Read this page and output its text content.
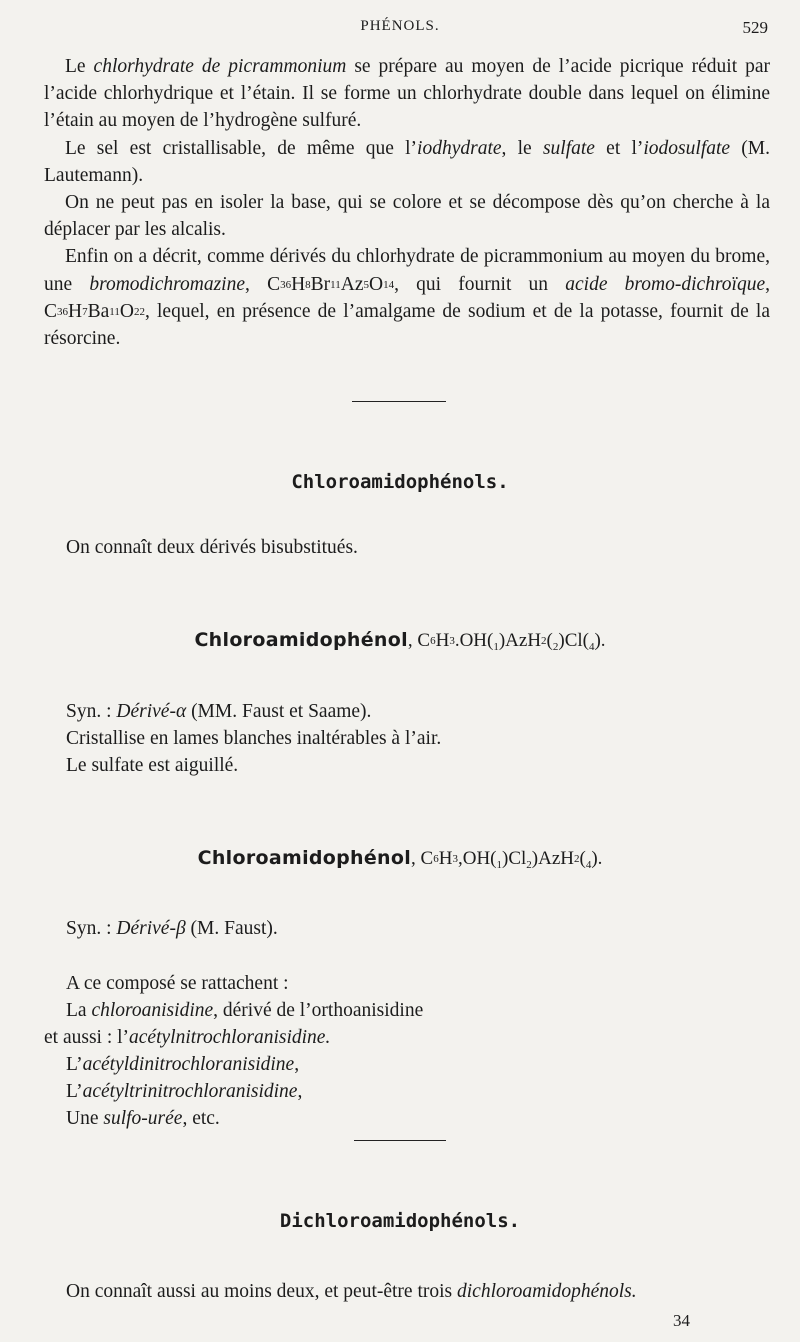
PHÉNOLS.	529

Le chlorhydrate de picrammonium se prépare au moyen de l’acide picrique réduit par l’acide chlorhydrique et l’étain. Il se forme un chlorhydrate double dans lequel on élimine l’étain au moyen de l’hydrogène sulfuré.

Le sel est cristallisable, de même que l’iodhydrate, le sulfate et l’iodosulfate (M. Lautemann).

On ne peut pas en isoler la base, qui se colore et se décompose dès qu’on cherche à la déplacer par les alcalis.

Enfin on a décrit, comme dérivés du chlorhydrate de picrammonium au moyen du brome, une bromodichromazine, $C^{36}H^8Br^{11}Az^5O^{14}$, qui fournit un acide bromo-dichroïque, $C^{36}H^7Ba^{11}O^{22}$, lequel, en présence de l’amalgame de sodium et de la potasse, fournit de la résorcine.

Chloroamidophénols.
On connaît deux dérivés bisubstitués.
Chloroamidophénol, $C^6H^3.OH(_1)AzH^2(_2)Cl(_4)$.
Syn. : Dérivé-α (MM. Faust et Saame).
Cristallise en lames blanches inaltérables à l’air.
Le sulfate est aiguillé.
Chloroamidophénol, $C^6H^3,OH(_1)Cl_2)AzH^2(_4)$.
Syn. : Dérivé-β (M. Faust).
A ce composé se rattachent :
La chloroanisidine, dérivé de l’orthoanisidine
et aussi : l’acétylnitrochloranisidine.
L’acétyldinitrochloranisidine,
L’acétyltrinitrochloranisidine,
Une sulfo-urée, etc.
Dichloroamidophénols.
On connaît aussi au moins deux, et peut-être trois dichloroamidophénols.
34
